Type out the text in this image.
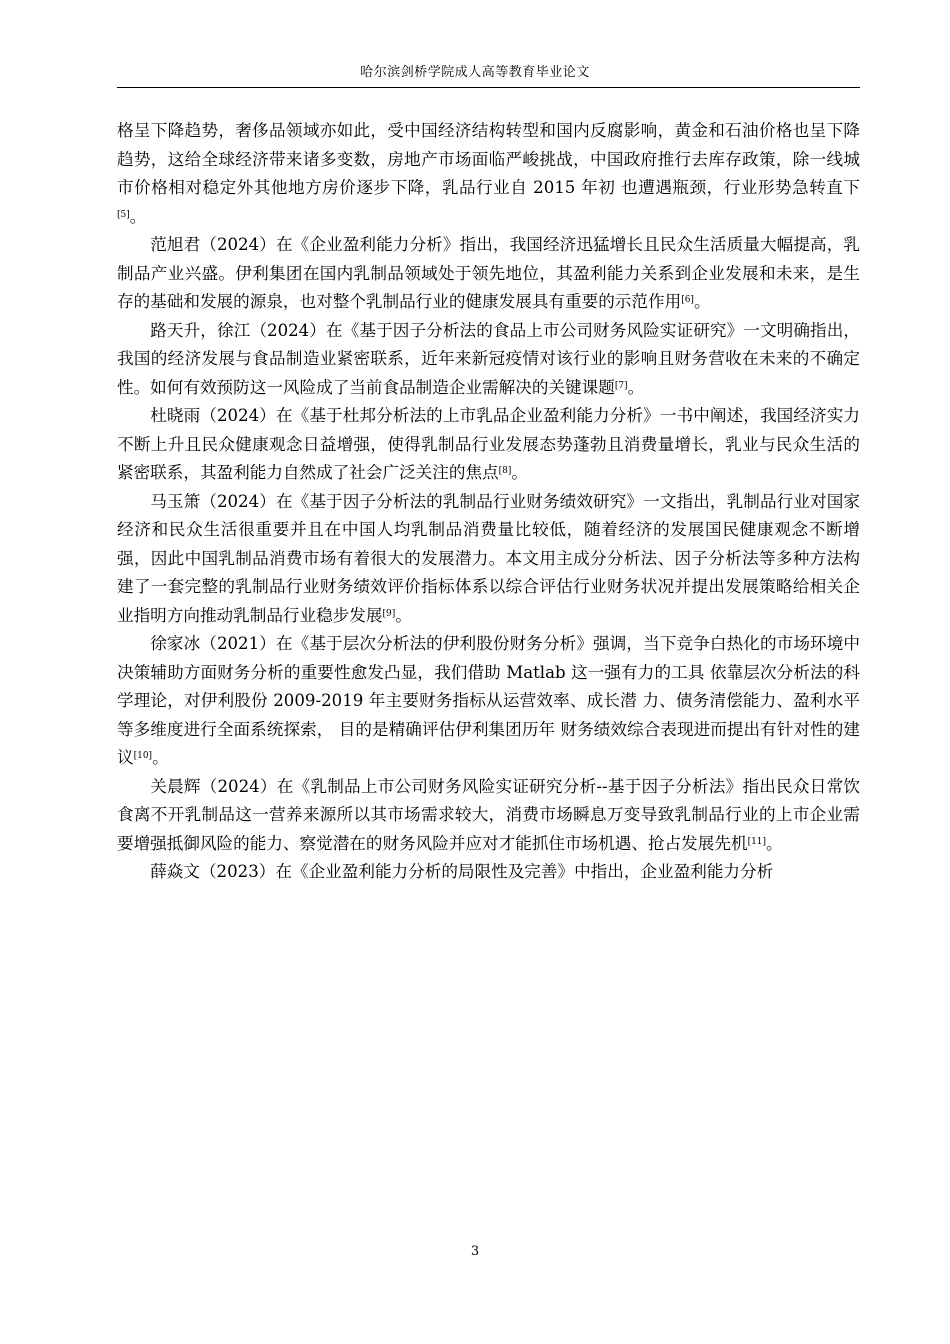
哈尔滨剑桥学院成人高等教育毕业论文

格呈下降趋势，奢侈品领域亦如此，受中国经济结构转型和国内反腐影响，黄金和石油价格也呈下降趋势，这给全球经济带来诸多变数，房地产市场面临严峻挑战，中国政府推行去库存政策，除一线城市价格相对稳定外其他地方房价逐步下降，乳品行业自 2015 年初 也遭遇瓶颈，行业形势急转直下[5]。

范旭君（2024）在《企业盈利能力分析》指出，我国经济迅猛增长且民众生活质量大幅提高，乳制品产业兴盛。伊利集团在国内乳制品领域处于领先地位，其盈利能力关系到企业发展和未来，是生存的基础和发展的源泉，也对整个乳制品行业的健康发展具有重要的示范作用[6]。

路天升，徐江（2024）在《基于因子分析法的食品上市公司财务风险实证研究》一文明确指出，我国的经济发展与食品制造业紧密联系，近年来新冠疫情对该行业的影响且财务营收在未来的不确定性。如何有效预防这一风险成了当前食品制造企业需解决的关键课题[7]。

杜晓雨（2024）在《基于杜邦分析法的上市乳品企业盈利能力分析》一书中阐述，我国经济实力不断上升且民众健康观念日益增强，使得乳制品行业发展态势蓬勃且消费量增长，乳业与民众生活的紧密联系，其盈利能力自然成了社会广泛关注的焦点[8]。

马玉箫（2024）在《基于因子分析法的乳制品行业财务绩效研究》一文指出，乳制品行业对国家经济和民众生活很重要并且在中国人均乳制品消费量比较低，随着经济的发展国民健康观念不断增强，因此中国乳制品消费市场有着很大的发展潜力。本文用主成分分析法、因子分析法等多种方法构建了一套完整的乳制品行业财务绩效评价指标体系以综合评估行业财务状况并提出发展策略给相关企业指明方向推动乳制品行业稳步发展[9]。

徐家冰（2021）在《基于层次分析法的伊利股份财务分析》强调，当下竞争白热化的市场环境中决策辅助方面财务分析的重要性愈发凸显，我们借助 Matlab 这一强有力的工具 依靠层次分析法的科学理论，对伊利股份 2009-2019 年主要财务指标从运营效率、成长潜 力、债务清偿能力、盈利水平等多维度进行全面系统探索， 目的是精确评估伊利集团历年 财务绩效综合表现进而提出有针对性的建议[10]。

关晨辉（2024）在《乳制品上市公司财务风险实证研究分析--基于因子分析法》指出民众日常饮食离不开乳制品这一营养来源所以其市场需求较大，消费市场瞬息万变导致乳制品行业的上市企业需要增强抵御风险的能力、察觉潜在的财务风险并应对才能抓住市场机遇、抢占发展先机[11]。

薛焱文（2023）在《企业盈利能力分析的局限性及完善》中指出，企业盈利能力分析

3
